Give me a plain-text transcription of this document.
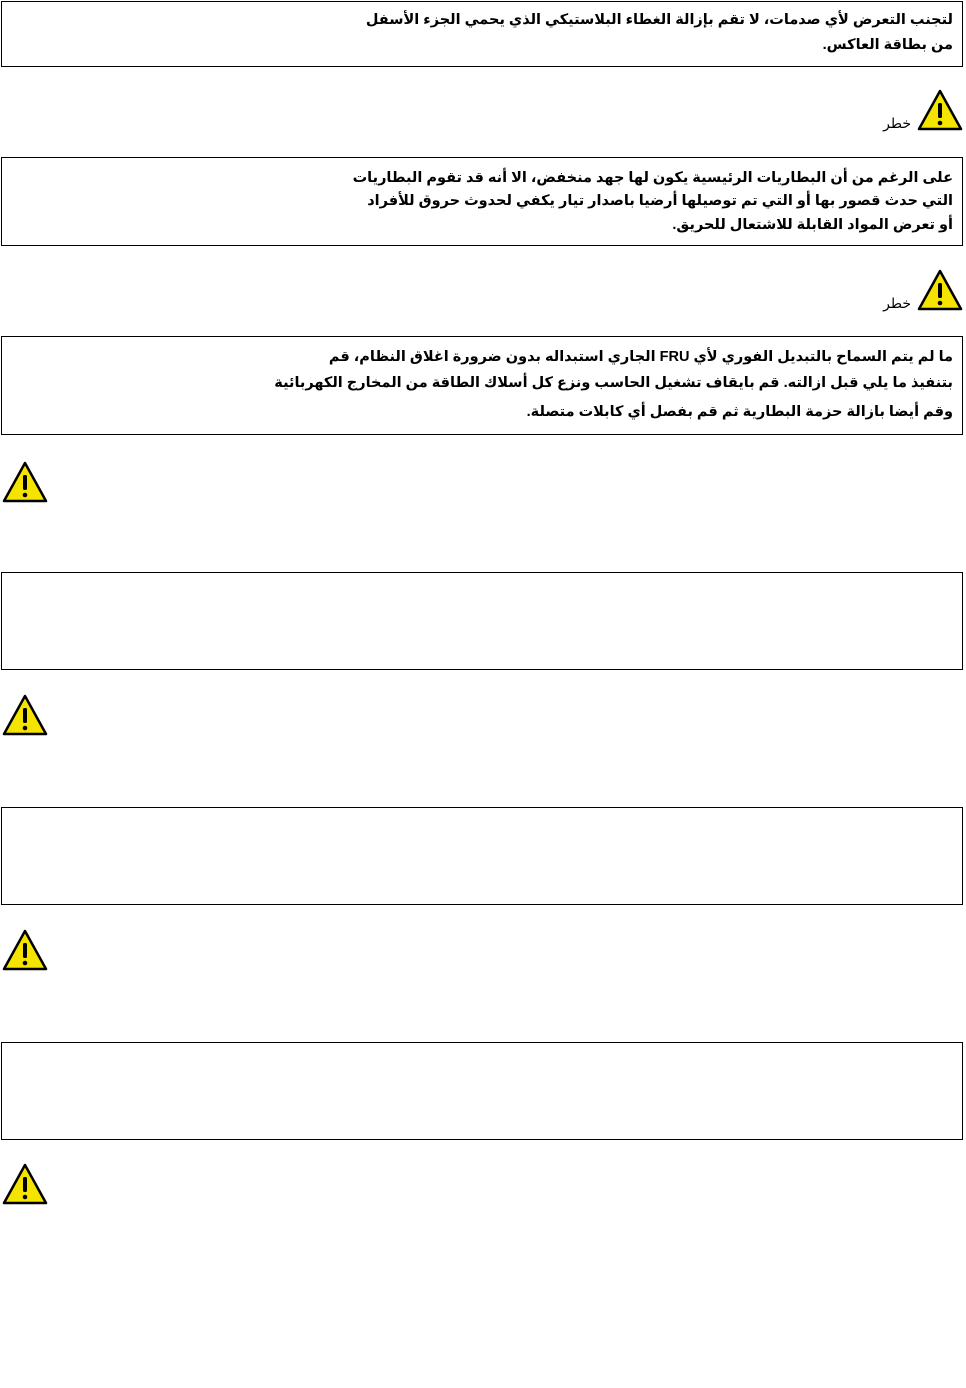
لتجنب التعرض لأي صدمات، لا تقم بإزالة الغطاء البلاستيكي الذي يحمي الجزء الأسفل
من بطاقة العاكس.
خطر
على الرغم من أن البطاريات الرئيسية يكون لها جهد منخفض، الا أنه قد تقوم البطاريات
التي حدث قصور بها أو التي تم توصيلها أرضيا باصدار تيار يكفي لحدوث حروق للأفراد
أو تعرض المواد القابلة للاشتعال للحريق.
خطر
ما لم يتم السماح بالتبديل الفوري لأي FRU الجاري استبداله بدون ضرورة اغلاق النظام، قم
بتنفيذ ما يلي قبل ازالته. قم بايقاف تشغيل الحاسب ونزع كل أسلاك الطاقة من المخارج الكهربائية
وقم أيضا بازالة حزمة البطارية ثم قم بفصل أي كابلات متصلة.
